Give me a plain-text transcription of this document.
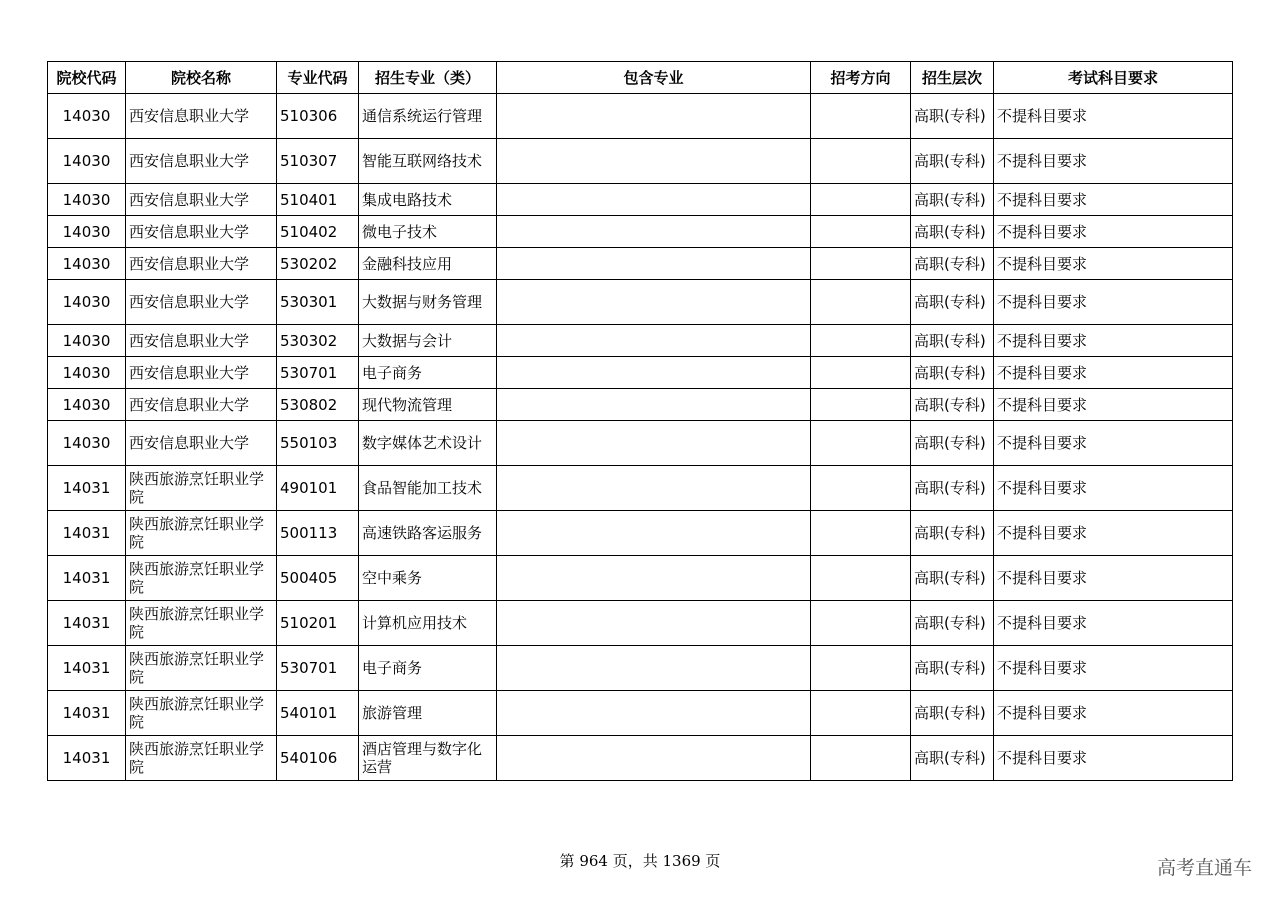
院校代码	院校名称	专业代码	招生专业（类）	包含专业	招考方向	招生层次	考试科目要求
14030	西安信息职业大学	510306	通信系统运行管理			高职(专科)	不提科目要求
14030	西安信息职业大学	510307	智能互联网络技术			高职(专科)	不提科目要求
14030	西安信息职业大学	510401	集成电路技术			高职(专科)	不提科目要求
14030	西安信息职业大学	510402	微电子技术			高职(专科)	不提科目要求
14030	西安信息职业大学	530202	金融科技应用			高职(专科)	不提科目要求
14030	西安信息职业大学	530301	大数据与财务管理			高职(专科)	不提科目要求
14030	西安信息职业大学	530302	大数据与会计			高职(专科)	不提科目要求
14030	西安信息职业大学	530701	电子商务			高职(专科)	不提科目要求
14030	西安信息职业大学	530802	现代物流管理			高职(专科)	不提科目要求
14030	西安信息职业大学	550103	数字媒体艺术设计			高职(专科)	不提科目要求
14031	陕西旅游烹饪职业学院	490101	食品智能加工技术			高职(专科)	不提科目要求
14031	陕西旅游烹饪职业学院	500113	高速铁路客运服务			高职(专科)	不提科目要求
14031	陕西旅游烹饪职业学院	500405	空中乘务			高职(专科)	不提科目要求
14031	陕西旅游烹饪职业学院	510201	计算机应用技术			高职(专科)	不提科目要求
14031	陕西旅游烹饪职业学院	530701	电子商务			高职(专科)	不提科目要求
14031	陕西旅游烹饪职业学院	540101	旅游管理			高职(专科)	不提科目要求
14031	陕西旅游烹饪职业学院	540106	酒店管理与数字化运营			高职(专科)	不提科目要求
第 964 页，共 1369 页	高考直通车
